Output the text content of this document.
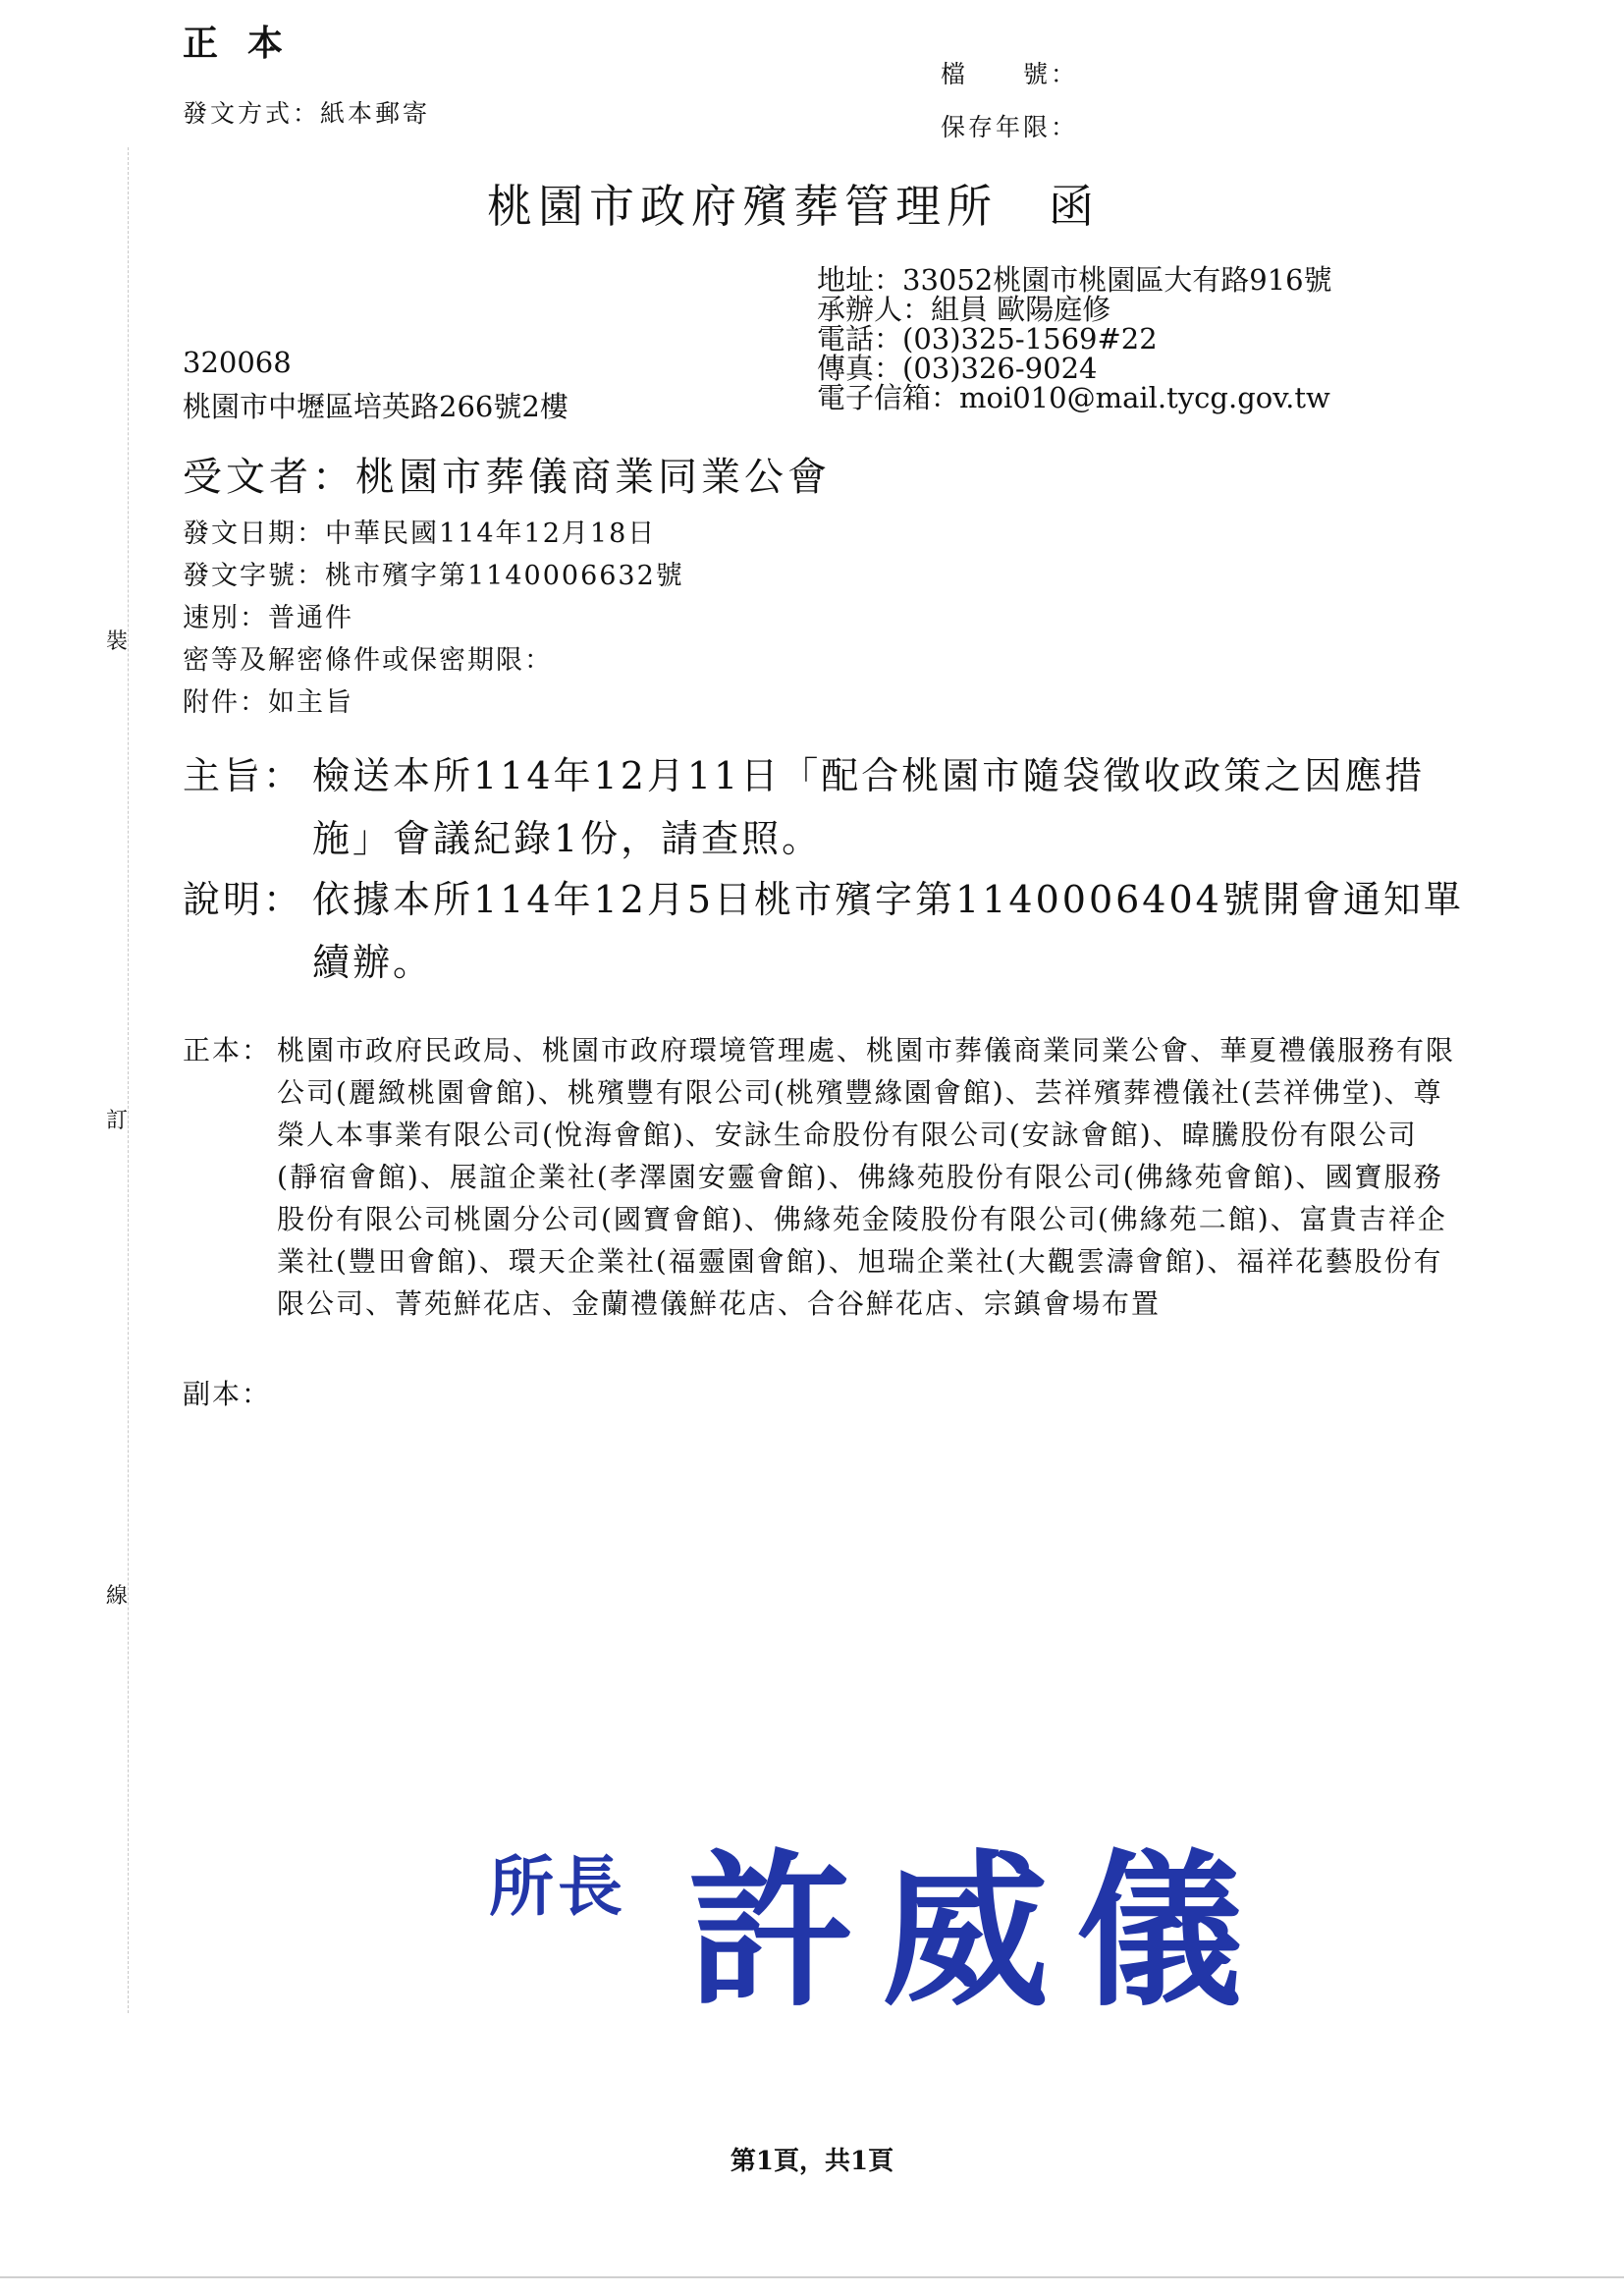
正本
發文方式：紙本郵寄
檔　　號：
保存年限：
桃園市政府殯葬管理所　函
地址：33052桃園市桃園區大有路916號
承辦人：組員 歐陽庭修
電話：(03)325-1569#22
傳真：(03)326-9024
電子信箱：moi010@mail.tycg.gov.tw
320068
桃園市中壢區培英路266號2樓
受文者：桃園市葬儀商業同業公會
發文日期：中華民國114年12月18日
發文字號：桃市殯字第1140006632號
速別：普通件
密等及解密條件或保密期限：
附件：如主旨
主旨： 檢送本所114年12月11日「配合桃園市隨袋徵收政策之因應措施」會議紀錄1份，請查照。
說明： 依據本所114年12月5日桃市殯字第1140006404號開會通知單續辦。
正本： 桃園市政府民政局、桃園市政府環境管理處、桃園市葬儀商業同業公會、華夏禮儀服務有限公司(麗緻桃園會館)、桃殯豐有限公司(桃殯豐緣園會館)、芸祥殯葬禮儀社(芸祥佛堂)、尊榮人本事業有限公司(悅海會館)、安詠生命股份有限公司(安詠會館)、暐騰股份有限公司(靜宿會館)、展誼企業社(孝澤園安靈會館)、佛緣苑股份有限公司(佛緣苑會館)、國寶服務股份有限公司桃園分公司(國寶會館)、佛緣苑金陵股份有限公司(佛緣苑二館)、富貴吉祥企業社(豐田會館)、環天企業社(福靈園會館)、旭瑞企業社(大觀雲濤會館)、福祥花藝股份有限公司、菁苑鮮花店、金蘭禮儀鮮花店、合谷鮮花店、宗鎮會場布置
副本：
裝
訂
線
所長 許威儀
第1頁，共1頁
